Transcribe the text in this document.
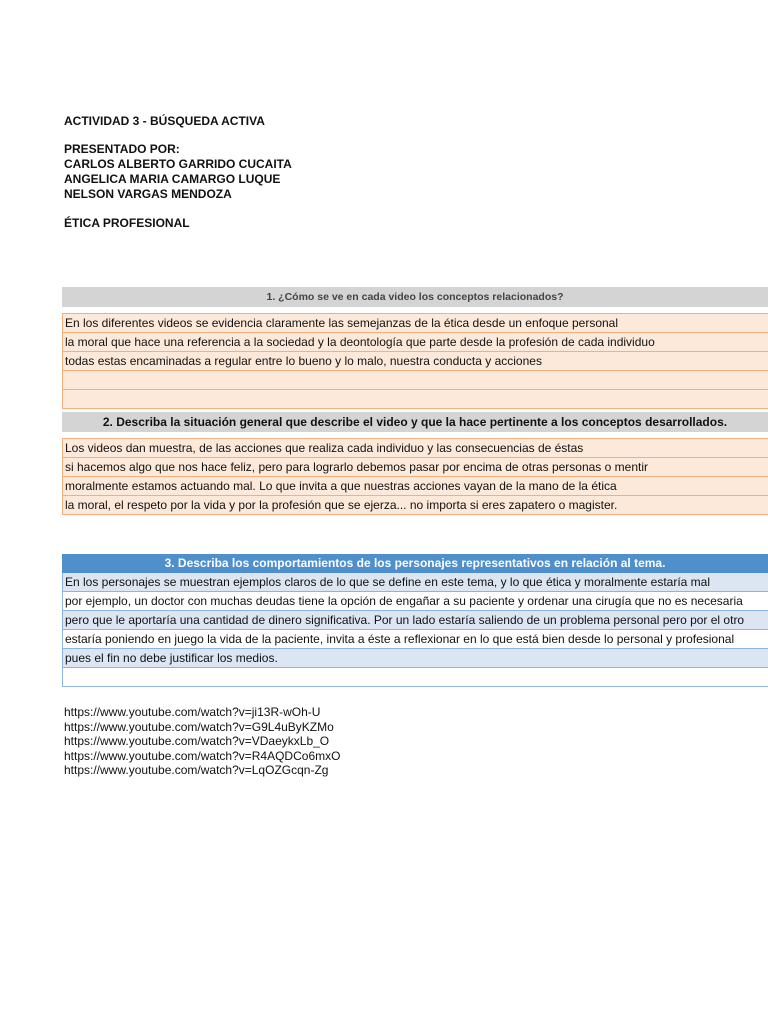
ACTIVIDAD 3 - BÚSQUEDA ACTIVA
PRESENTADO POR:
CARLOS ALBERTO GARRIDO CUCAITA
ANGELICA MARIA CAMARGO LUQUE
NELSON VARGAS MENDOZA
ÉTICA PROFESIONAL
1. ¿Cómo se ve en cada video los conceptos relacionados?
En los diferentes videos se evidencia claramente las semejanzas de la ética desde un enfoque personal
la moral que hace una referencia a la sociedad y la deontología que parte desde la profesión de cada individuo
todas estas encaminadas a regular entre lo bueno y lo malo, nuestra conducta y acciones
2. Describa la situación general que describe el video y que la hace pertinente a los conceptos desarrollados.
Los videos dan muestra, de las acciones que realiza cada individuo y las consecuencias de éstas
si hacemos algo que nos hace feliz, pero para lograrlo debemos pasar por encima de otras personas o mentir
moralmente estamos actuando mal. Lo que invita a que nuestras acciones vayan de la mano de la ética
la moral, el respeto por la vida y por la profesión que se ejerza... no importa si eres zapatero o magister.
3. Describa los comportamientos de los personajes representativos en relación al tema.
En los personajes se muestran ejemplos claros de lo que se define en este tema, y lo que ética y moralmente estaría mal
por ejemplo, un doctor con muchas deudas tiene la opción de engañar a su paciente y ordenar una cirugía que no es necesaria
pero que le aportaría una cantidad de dinero significativa. Por un lado estaría saliendo de un problema personal pero por el otro
estaría poniendo en juego la vida de la paciente, invita a éste a reflexionar en lo que está bien desde lo personal y profesional
pues el fin no debe justificar los medios.
https://www.youtube.com/watch?v=ji13R-wOh-U
https://www.youtube.com/watch?v=G9L4uByKZMo
https://www.youtube.com/watch?v=VDaeykxLb_O
https://www.youtube.com/watch?v=R4AQDCo6mxO
https://www.youtube.com/watch?v=LqOZGcqn-Zg
